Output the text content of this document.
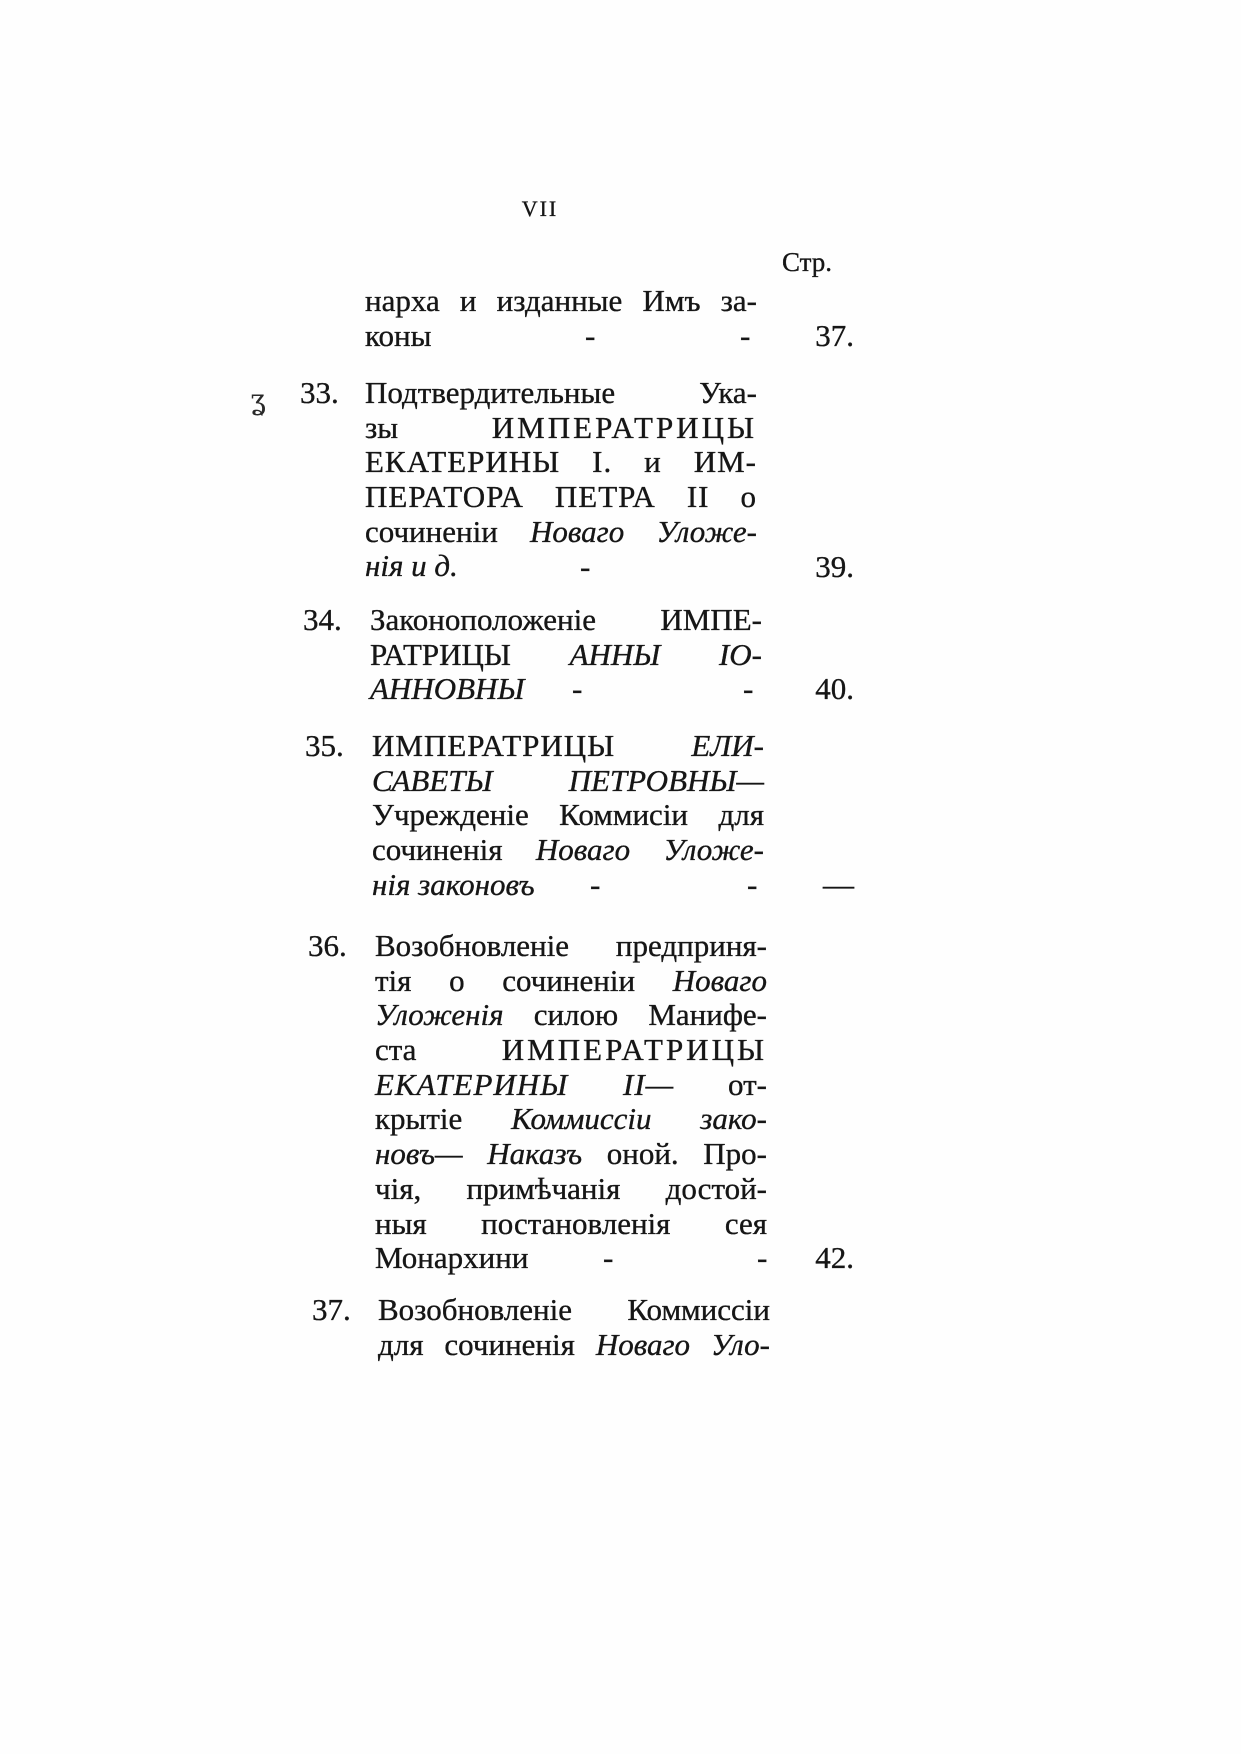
VII
Стр.
ʓ
нарха и изданные Имъ за-
коны	-	-	37.
33. Подтвердительные Ука-
зы ИМПЕРАТРИЦЫ
ЕКАТЕРИНЫ I. и ИМ-
ПЕРАТОРА ПЕТРА II о
сочиненіи Новаго Уложе-
нія и д.	-	39.
34. Законоположеніе ИМПЕ-
РАТРИЦЫ АННЫ ІО-
АННОВНЫ	-	-	40.
35. ИМПЕРАТРИЦЫ ЕЛИ-
САВЕТЫ ПЕТРОВНЫ—
Учрежденіе Коммисіи для
сочиненія Новаго Уложе-
нія законовъ	-	-	—
36. Возобновленіе предприня-
тія о сочиненіи Новаго
Уложенія силою Манифе-
ста ИМПЕРАТРИЦЫ
ЕКАТЕРИНЫ II— от-
крытіе Коммиссіи зако-
новъ— Наказъ оной. Про-
чія, примѣчанія достой-
ныя постановленія сея
Монархини	-	-	42.
37. Возобновленіе Коммиссіи
для сочиненія Новаго Уло-
